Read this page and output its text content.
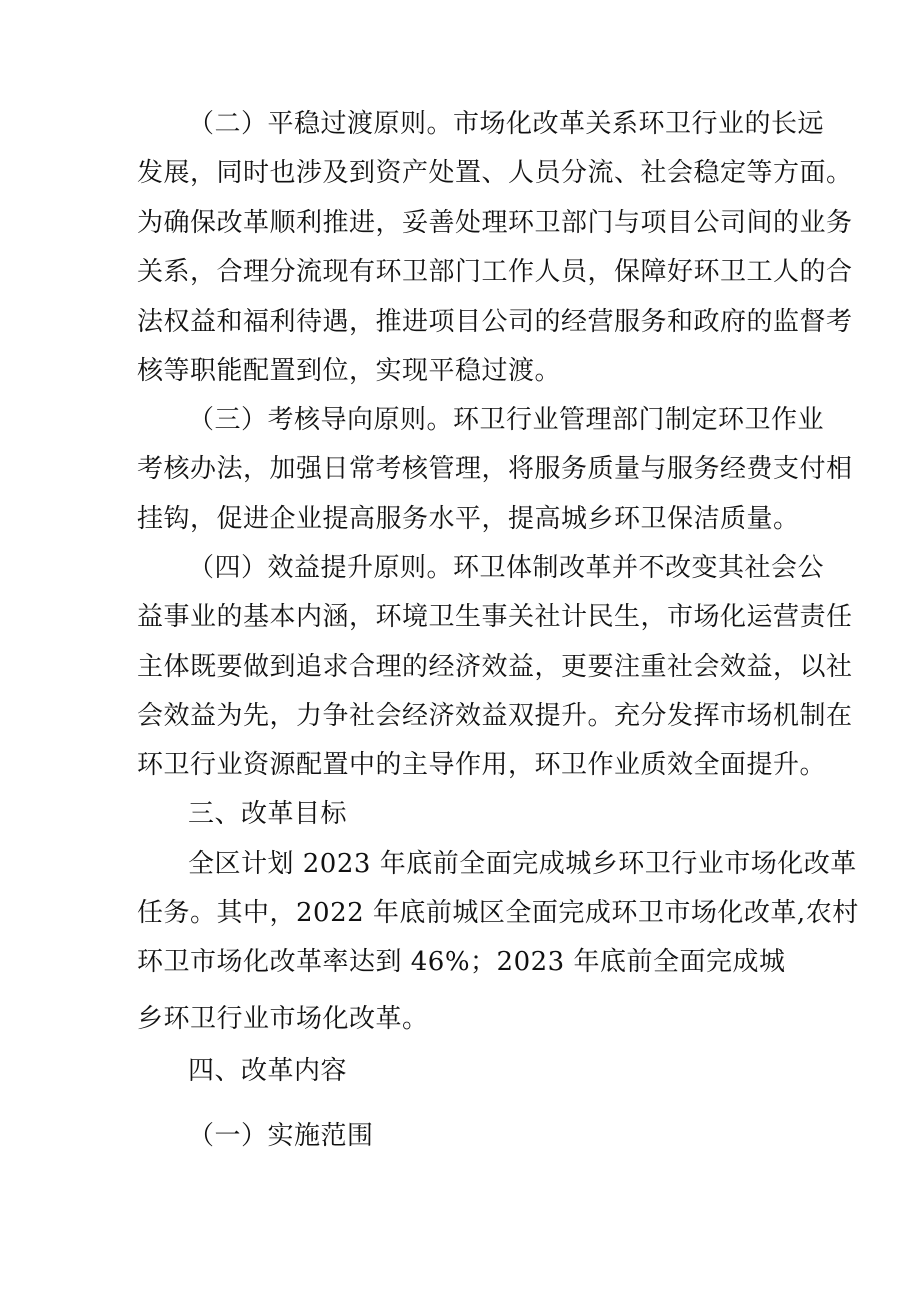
（二）平稳过渡原则。市场化改革关系环卫行业的长远
发展，同时也涉及到资产处置、人员分流、社会稳定等方面。
为确保改革顺利推进，妥善处理环卫部门与项目公司间的业务
关系，合理分流现有环卫部门工作人员，保障好环卫工人的合
法权益和福利待遇，推进项目公司的经营服务和政府的监督考
核等职能配置到位，实现平稳过渡。
（三）考核导向原则。环卫行业管理部门制定环卫作业
考核办法，加强日常考核管理，将服务质量与服务经费支付相
挂钩，促进企业提高服务水平，提高城乡环卫保洁质量。
（四）效益提升原则。环卫体制改革并不改变其社会公
益事业的基本内涵，环境卫生事关社计民生，市场化运营责任
主体既要做到追求合理的经济效益，更要注重社会效益，以社
会效益为先，力争社会经济效益双提升。充分发挥市场机制在
环卫行业资源配置中的主导作用，环卫作业质效全面提升。
三、改革目标
全区计划 2023 年底前全面完成城乡环卫行业市场化改革
任务。其中，2022 年底前城区全面完成环卫市场化改革,农村
环卫市场化改革率达到 46%；2023 年底前全面完成城
乡环卫行业市场化改革。
四、改革内容
（一）实施范围
